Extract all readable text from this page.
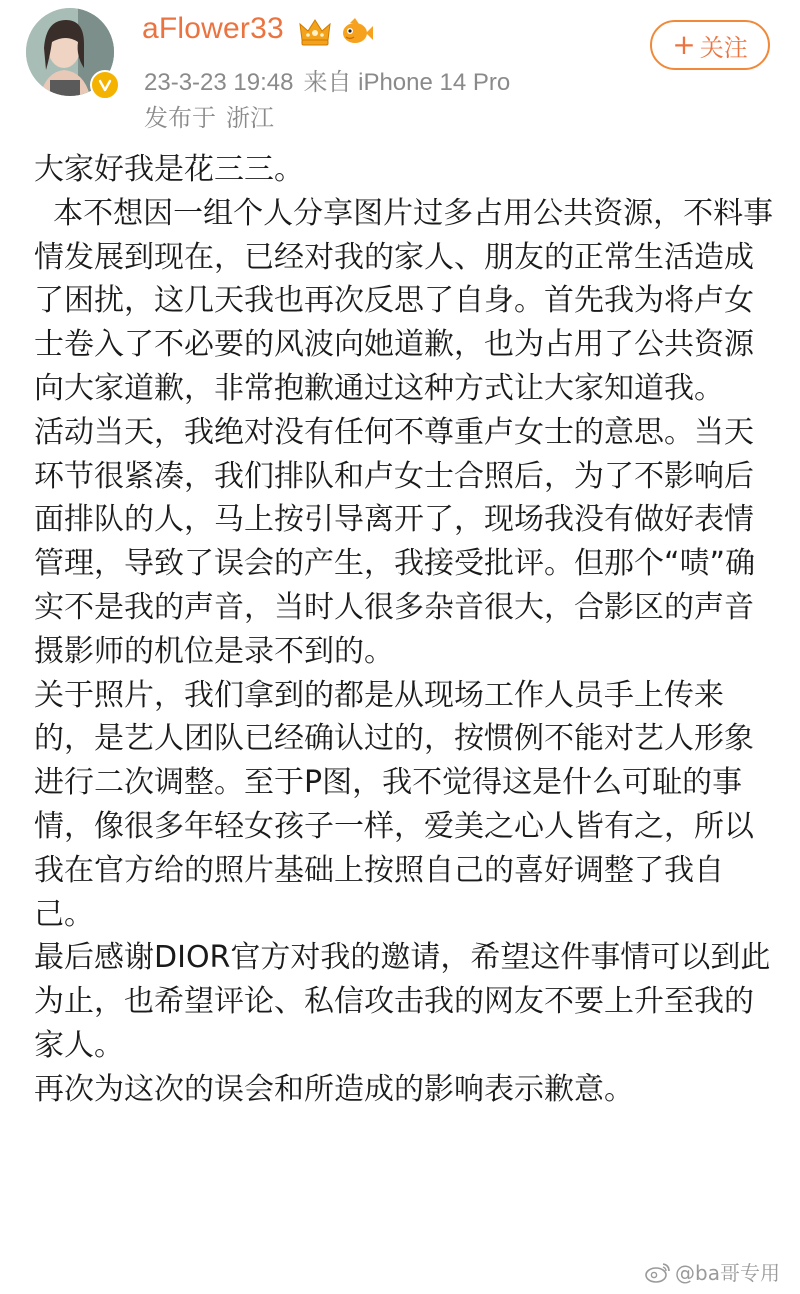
aFlower33
23-3-23 19:48 来自 iPhone 14 Pro
发布于 浙江
+ 关注

大家好我是花三三。

本不想因一组个人分享图片过多占用公共资源，不料事情发展到现在，已经对我的家人、朋友的正常生活造成了困扰，这几天我也再次反思了自身。首先我为将卢女士卷入了不必要的风波向她道歉，也为占用了公共资源向大家道歉，非常抱歉通过这种方式让大家知道我。

活动当天，我绝对没有任何不尊重卢女士的意思。当天环节很紧凑，我们排队和卢女士合照后，为了不影响后面排队的人，马上按引导离开了，现场我没有做好表情管理，导致了误会的产生，我接受批评。但那个“啧”确实不是我的声音，当时人很多杂音很大，合影区的声音摄影师的机位是录不到的。

关于照片，我们拿到的都是从现场工作人员手上传来的，是艺人团队已经确认过的，按惯例不能对艺人形象进行二次调整。至于P图，我不觉得这是什么可耻的事情，像很多年轻女孩子一样，爱美之心人皆有之，所以我在官方给的照片基础上按照自己的喜好调整了我自己。

最后感谢DIOR官方对我的邀请，希望这件事情可以到此为止，也希望评论、私信攻击我的网友不要上升至我的家人。

再次为这次的误会和所造成的影响表示歉意。

@ba哥专用
